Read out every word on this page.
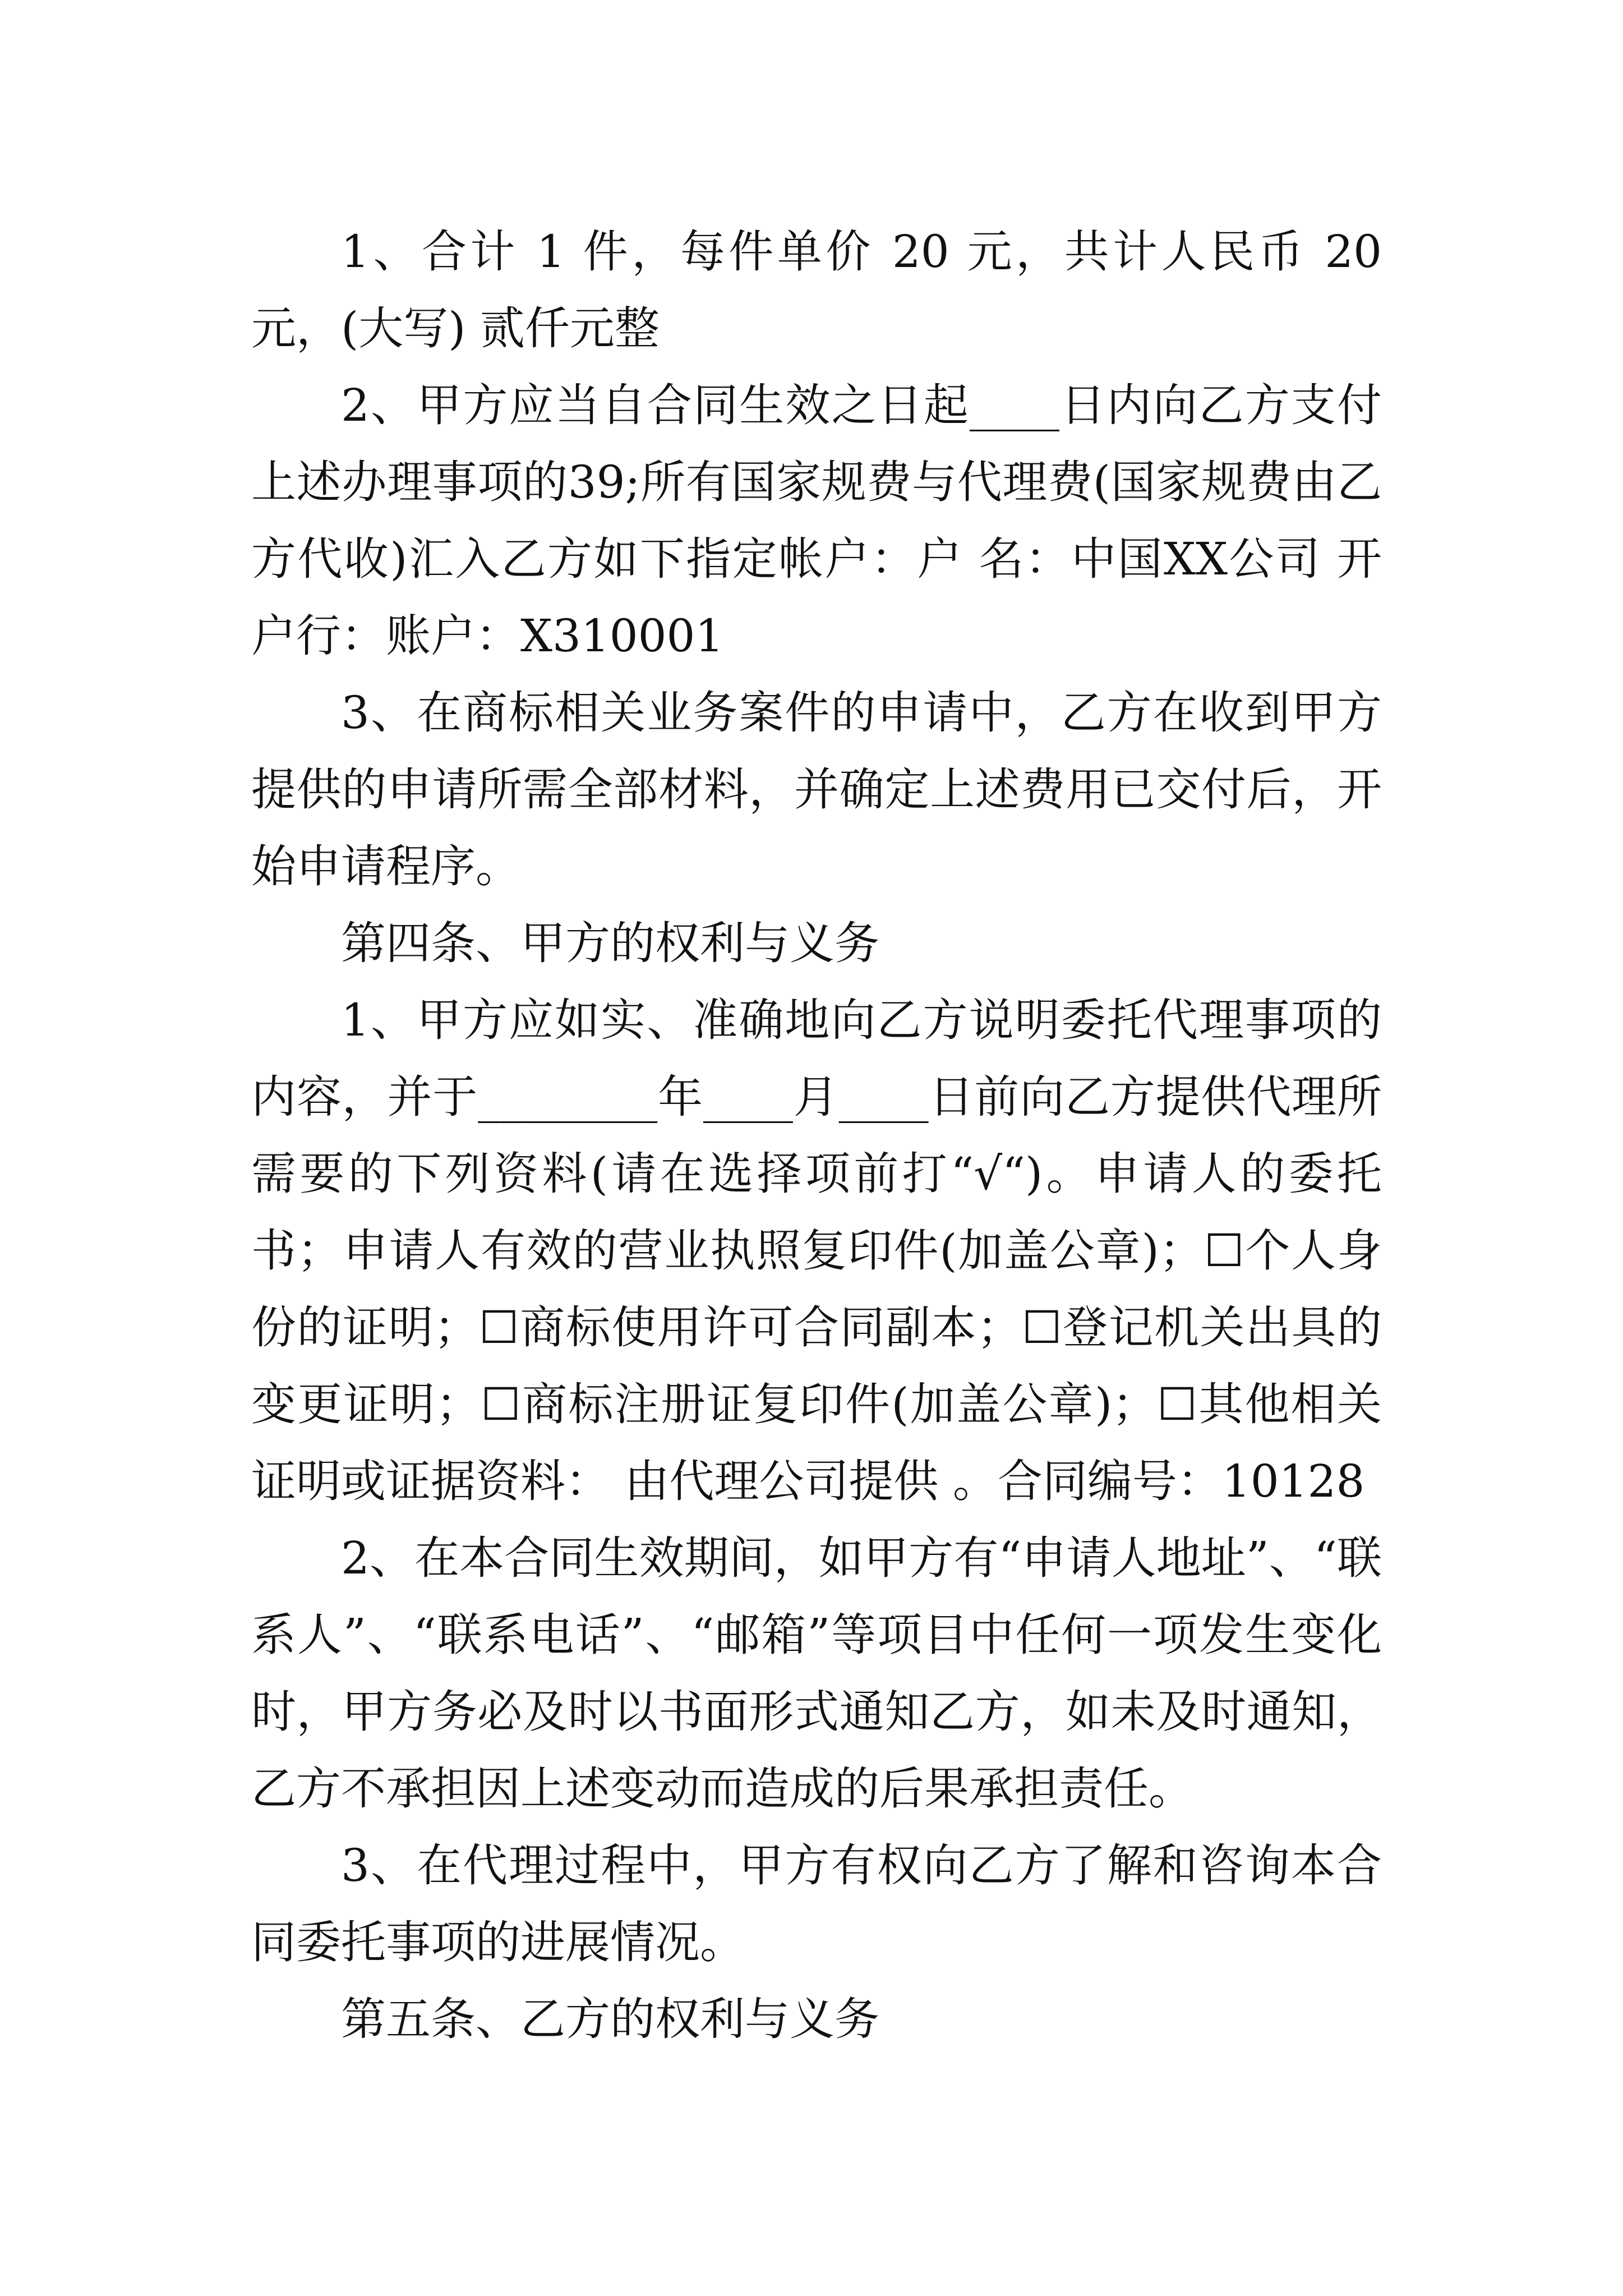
1、合计 1 件，每件单价 20 元，共计人民币 20 元，(大写) 贰仟元整

2、甲方应当自合同生效之日起____日内向乙方支付上述办理事项的39;所有国家规费与代理费(国家规费由乙方代收)汇入乙方如下指定帐户：户 名：中国XX公司 开户行：账户：X310001

3、在商标相关业务案件的申请中，乙方在收到甲方提供的申请所需全部材料，并确定上述费用已交付后，开始申请程序。

第四条、甲方的权利与义务

1、甲方应如实、准确地向乙方说明委托代理事项的内容，并于________年____月____日前向乙方提供代理所需要的下列资料(请在选择项前打“√“)。申请人的委托书；申请人有效的营业执照复印件(加盖公章)；☐个人身份的证明；☐商标使用许可合同副本；☐登记机关出具的变更证明；☐商标注册证复印件(加盖公章)；☐其他相关证明或证据资料： 由代理公司提供 。合同编号：10128

2、在本合同生效期间，如甲方有“申请人地址”、“联系人”、“联系电话”、“邮箱”等项目中任何一项发生变化时，甲方务必及时以书面形式通知乙方，如未及时通知，乙方不承担因上述变动而造成的后果承担责任。

3、在代理过程中，甲方有权向乙方了解和咨询本合同委托事项的进展情况。

第五条、乙方的权利与义务
